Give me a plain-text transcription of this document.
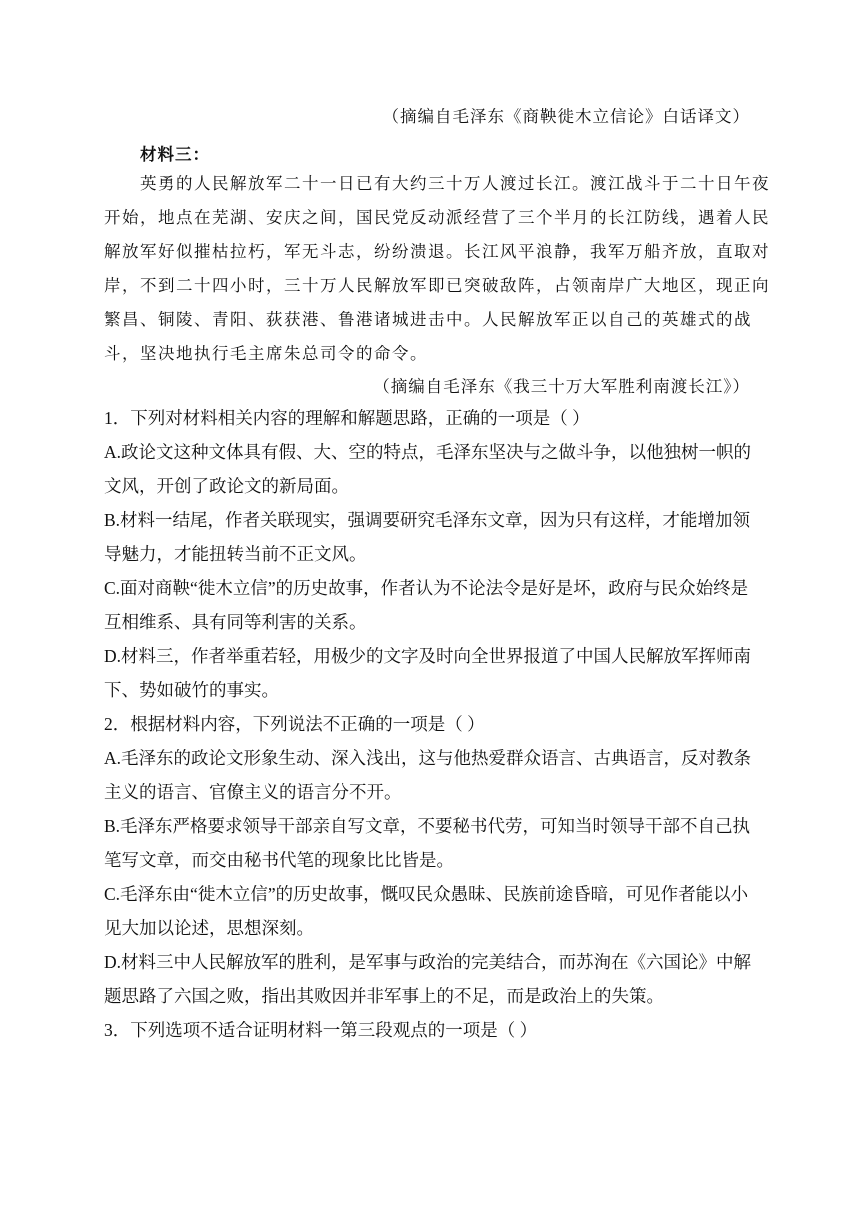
（摘编自毛泽东《商鞅徙木立信论》白话译文）
材料三：
英勇的人民解放军二十一日已有大约三十万人渡过长江。渡江战斗于二十日午夜
开始，地点在芜湖、安庆之间，国民党反动派经营了三个半月的长江防线，遇着人民
解放军好似摧枯拉朽，军无斗志，纷纷溃退。长江风平浪静，我军万船齐放，直取对
岸，不到二十四小时，三十万人民解放军即已突破敌阵，占领南岸广大地区，现正向
繁昌、铜陵、青阳、荻获港、鲁港诸城进击中。人民解放军正以自己的英雄式的战
斗，坚决地执行毛主席朱总司令的命令。
（摘编自毛泽东《我三十万大军胜利南渡长江》）
1．下列对材料相关内容的理解和解题思路，正确的一项是（ ）
A.政论文这种文体具有假、大、空的特点，毛泽东坚决与之做斗争，以他独树一帜的
文风，开创了政论文的新局面。
B.材料一结尾，作者关联现实，强调要研究毛泽东文章，因为只有这样，才能增加领
导魅力，才能扭转当前不正文风。
C.面对商鞅“徙木立信”的历史故事，作者认为不论法令是好是坏，政府与民众始终是
互相维系、具有同等利害的关系。
D.材料三，作者举重若轻，用极少的文字及时向全世界报道了中国人民解放军挥师南
下、势如破竹的事实。
2．根据材料内容，下列说法不正确的一项是（ ）
A.毛泽东的政论文形象生动、深入浅出，这与他热爱群众语言、古典语言，反对教条
主义的语言、官僚主义的语言分不开。
B.毛泽东严格要求领导干部亲自写文章，不要秘书代劳，可知当时领导干部不自己执
笔写文章，而交由秘书代笔的现象比比皆是。
C.毛泽东由“徙木立信”的历史故事，慨叹民众愚昧、民族前途昏暗，可见作者能以小
见大加以论述，思想深刻。
D.材料三中人民解放军的胜利，是军事与政治的完美结合，而苏洵在《六国论》中解
题思路了六国之败，指出其败因并非军事上的不足，而是政治上的失策。
3．下列选项不适合证明材料一第三段观点的一项是（ ）
